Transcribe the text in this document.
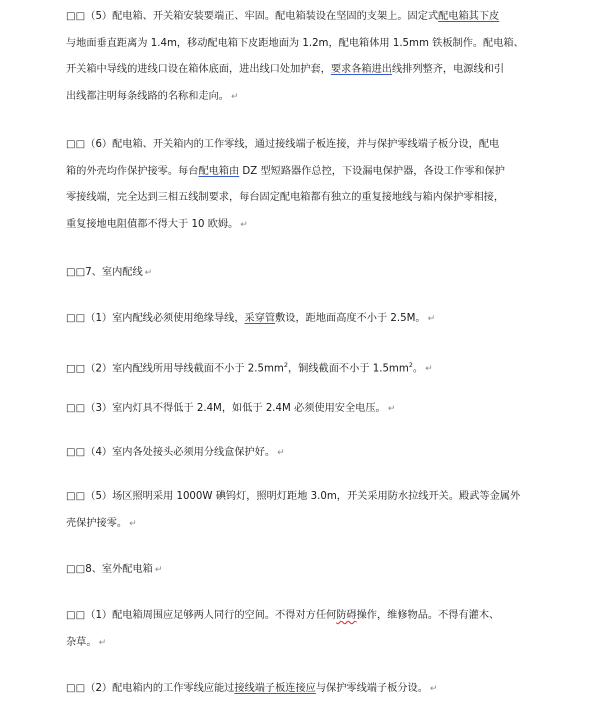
□□（5）配电箱、开关箱安装要端正、牢固。配电箱装设在坚固的支架上。固定式配电箱其下皮
与地面垂直距离为 1.4m，移动配电箱下皮距地面为 1.2m，配电箱体用 1.5mm 铁板制作。配电箱、
开关箱中导线的进线口设在箱体底面，进出线口处加护套，要求各箱进出线排列整齐，电源线和引
出线都注明每条线路的名称和走向。 ↵

□□（6）配电箱、开关箱内的工作零线，通过接线端子板连接，并与保护零线端子板分设，配电
箱的外壳均作保护接零。每台配电箱由 DZ 型短路器作总控，下设漏电保护器，各设工作零和保护
零接线端，完全达到三相五线制要求，每台固定配电箱都有独立的重复接地线与箱内保护零相接，
重复接地电阻值都不得大于 10 欧姆。 ↵

□□7、室内配线 ↵

□□（1）室内配线必须使用绝缘导线，采穿管敷设，距地面高度不小于 2.5M。 ↵

□□（2）室内配线所用导线截面不小于 $2.5mm^2$，铜线截面不小于 $1.5mm^2$。 ↵

□□（3）室内灯具不得低于 2.4M，如低于 2.4M 必须使用安全电压。 ↵

□□（4）室内各处接头必须用分线盒保护好。 ↵

□□（5）场区照明采用 1000W 碘钨灯，照明灯距地 3.0m，开关采用防水拉线开关。殿武等金属外
壳保护接零。 ↵

□□8、室外配电箱 ↵

□□（1）配电箱周围应足够两人同行的空间。不得对方任何防碍操作，维修物品。不得有灌木、
杂草。 ↵

□□（2）配电箱内的工作零线应能过接线端子板连接应与保护零线端子板分设。 ↵
